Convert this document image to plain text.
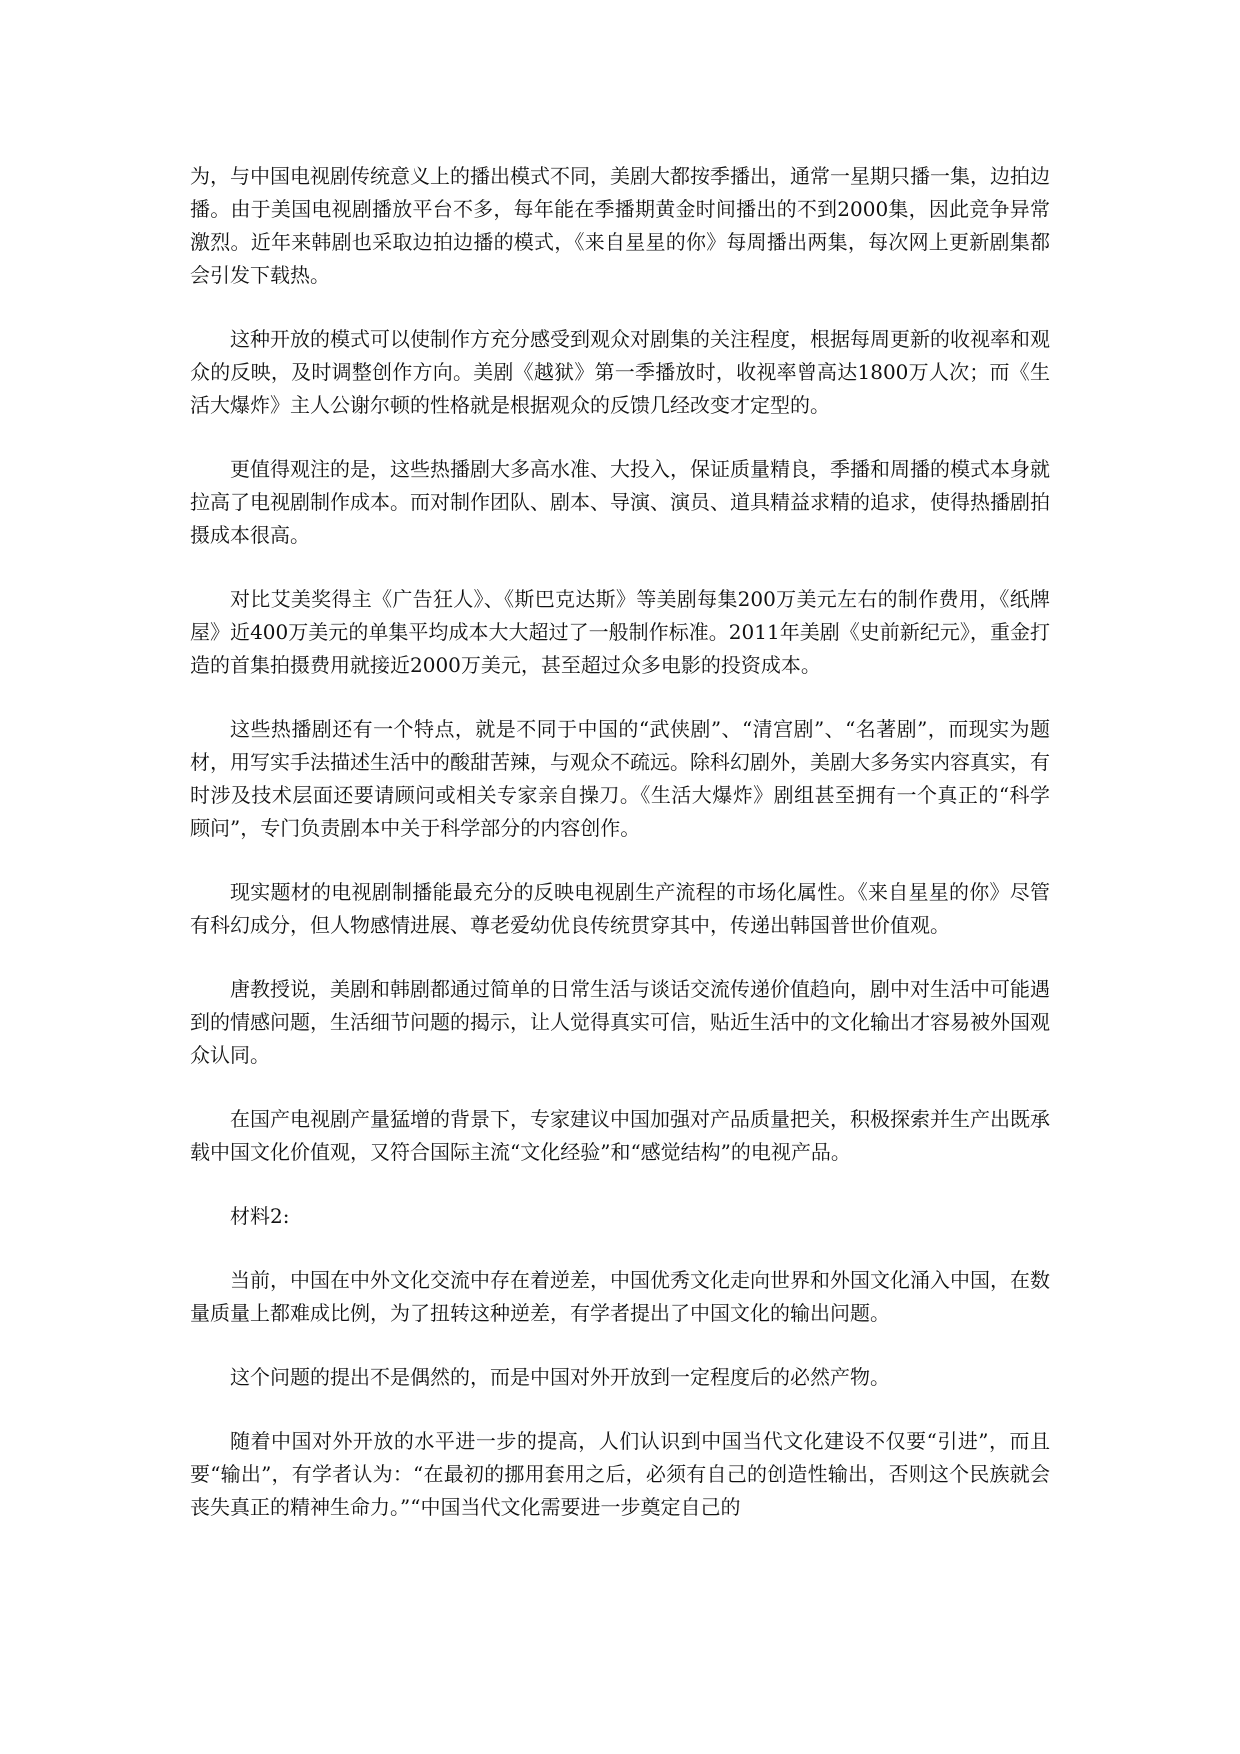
为，与中国电视剧传统意义上的播出模式不同，美剧大都按季播出，通常一星期只播一集，边拍边播。由于美国电视剧播放平台不多，每年能在季播期黄金时间播出的不到2000集，因此竞争异常激烈。近年来韩剧也采取边拍边播的模式，《来自星星的你》每周播出两集，每次网上更新剧集都会引发下载热。

这种开放的模式可以使制作方充分感受到观众对剧集的关注程度，根据每周更新的收视率和观众的反映，及时调整创作方向。美剧《越狱》第一季播放时，收视率曾高达1800万人次；而《生活大爆炸》主人公谢尔顿的性格就是根据观众的反馈几经改变才定型的。

更值得观注的是，这些热播剧大多高水准、大投入，保证质量精良，季播和周播的模式本身就拉高了电视剧制作成本。而对制作团队、剧本、导演、演员、道具精益求精的追求，使得热播剧拍摄成本很高。

对比艾美奖得主《广告狂人》、《斯巴克达斯》等美剧每集200万美元左右的制作费用，《纸牌屋》近400万美元的单集平均成本大大超过了一般制作标准。2011年美剧《史前新纪元》，重金打造的首集拍摄费用就接近2000万美元，甚至超过众多电影的投资成本。

这些热播剧还有一个特点，就是不同于中国的“武侠剧”、“清宫剧”、“名著剧”，而现实为题材，用写实手法描述生活中的酸甜苦辣，与观众不疏远。除科幻剧外，美剧大多务实内容真实，有时涉及技术层面还要请顾问或相关专家亲自操刀。《生活大爆炸》剧组甚至拥有一个真正的“科学顾问”，专门负责剧本中关于科学部分的内容创作。

现实题材的电视剧制播能最充分的反映电视剧生产流程的市场化属性。《来自星星的你》尽管有科幻成分，但人物感情进展、尊老爱幼优良传统贯穿其中，传递出韩国普世价值观。

唐教授说，美剧和韩剧都通过简单的日常生活与谈话交流传递价值趋向，剧中对生活中可能遇到的情感问题，生活细节问题的揭示，让人觉得真实可信，贴近生活中的文化输出才容易被外国观众认同。

在国产电视剧产量猛增的背景下，专家建议中国加强对产品质量把关，积极探索并生产出既承载中国文化价值观，又符合国际主流“文化经验”和“感觉结构”的电视产品。

材料2:

当前，中国在中外文化交流中存在着逆差，中国优秀文化走向世界和外国文化涌入中国，在数量质量上都难成比例，为了扭转这种逆差，有学者提出了中国文化的输出问题。

这个问题的提出不是偶然的，而是中国对外开放到一定程度后的必然产物。

随着中国对外开放的水平进一步的提高，人们认识到中国当代文化建设不仅要“引进”，而且要“输出”，有学者认为：“在最初的挪用套用之后，必须有自己的创造性输出，否则这个民族就会丧失真正的精神生命力。”“中国当代文化需要进一步奠定自己的
